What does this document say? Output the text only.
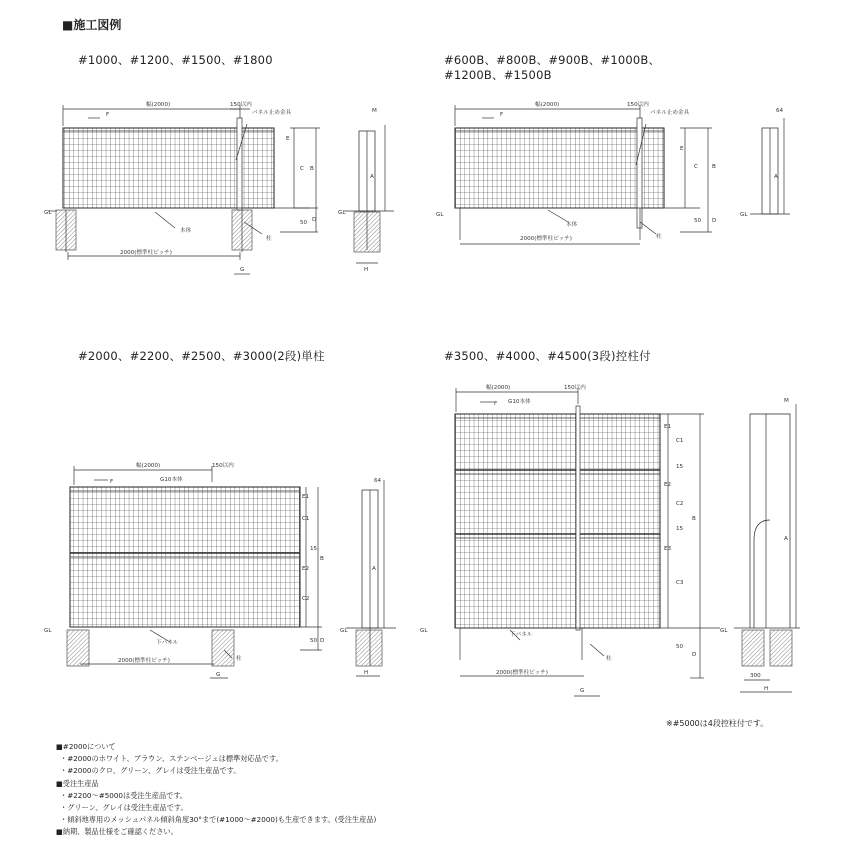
■施工図例
#1000、#1200、#1500、#1800	#600B、#800B、#900B、#1000B、
#1200B、#1500B
#2000、#2200、#2500、#3000(2段)単柱	#3500、#4000、#4500(3段)控柱付
幅(2000)	150以内
パネル止め金具
F
E
C B
50 D
本体
柱
2000(標準柱ピッチ)
G
GL
M
A
GL
H
幅(2000)	150以内
パネル止め金具
F
E
C	B
50 D
本体
柱
2000(標準柱ピッチ)
GL
64
A
GL
幅(2000)	150以内
F	G10本体
E1
C1
15
E2
C2
B
50 D
下パネル
柱
2000(標準柱ピッチ)
G
GL
64
A
GL
H
幅(2000)	150以内
F G10本体
E1
C1
15
E2
C2
15
E3
C3
B
50
D
下パネル
柱
2000(標準柱ピッチ)
G
GL
M
A
GL
300
H
※#5000は4段控柱付です。
■#2000について
・#2000のホワイト、ブラウン、ステンベージュは標準対応品です。
・#2000のクロ、グリーン、グレイは受注生産品です。
■受注生産品
・#2200～#5000は受注生産品です。
・グリーン、グレイは受注生産品です。
・傾斜地専用のメッシュパネル傾斜角度30°まで(#1000～#2000)も生産できます。(受注生産品)
■納期、製品仕様をご確認ください。
